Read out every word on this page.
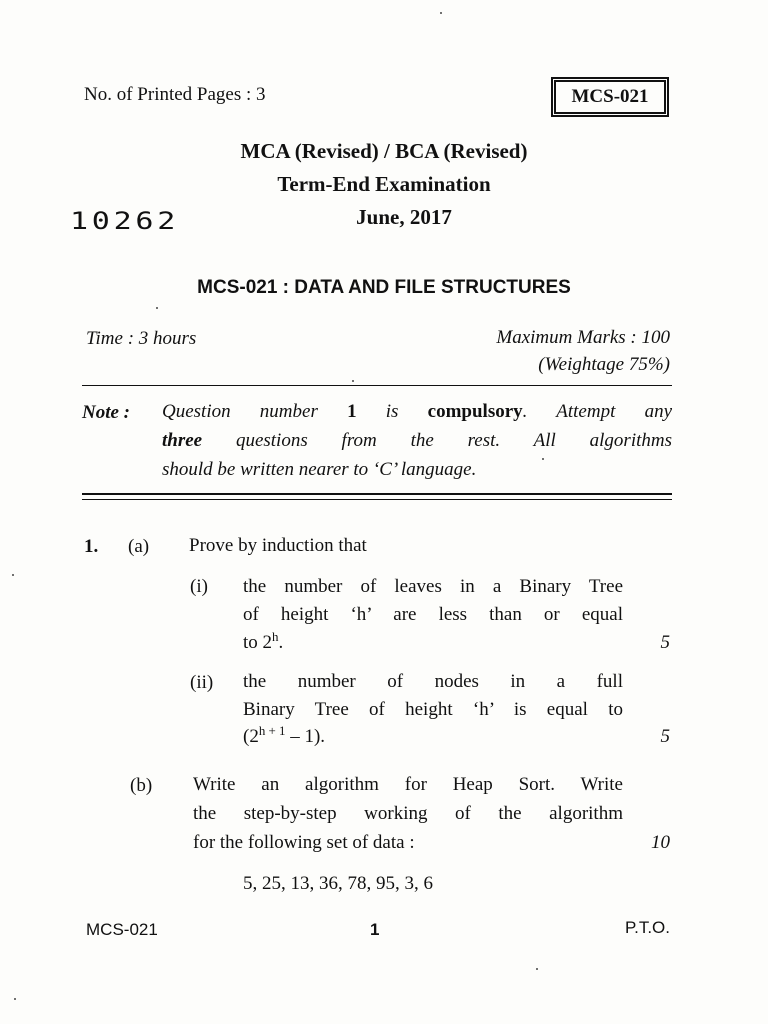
No. of Printed Pages : 3	MCS-021
MCA (Revised) / BCA (Revised)
Term-End Examination
10262	June, 2017
MCS-021 : DATA AND FILE STRUCTURES
Time : 3 hours	Maximum Marks : 100
(Weightage 75%)
Note : Question number 1 is compulsory. Attempt any
three questions from the rest. All algorithms
should be written nearer to ‘C’ language.
1. (a) Prove by induction that
(i) the number of leaves in a Binary Tree
of height ‘h’ are less than or equal
to 2$^h$.	5
(ii) the number of nodes in a full
Binary Tree of height ‘h’ is equal to
$(2^{h + 1} - 1)$.	5
(b) Write an algorithm for Heap Sort. Write
the step-by-step working of the algorithm
for the following set of data :	10
5, 25, 13, 36, 78, 95, 3, 6
MCS-021	1	P.T.O.
